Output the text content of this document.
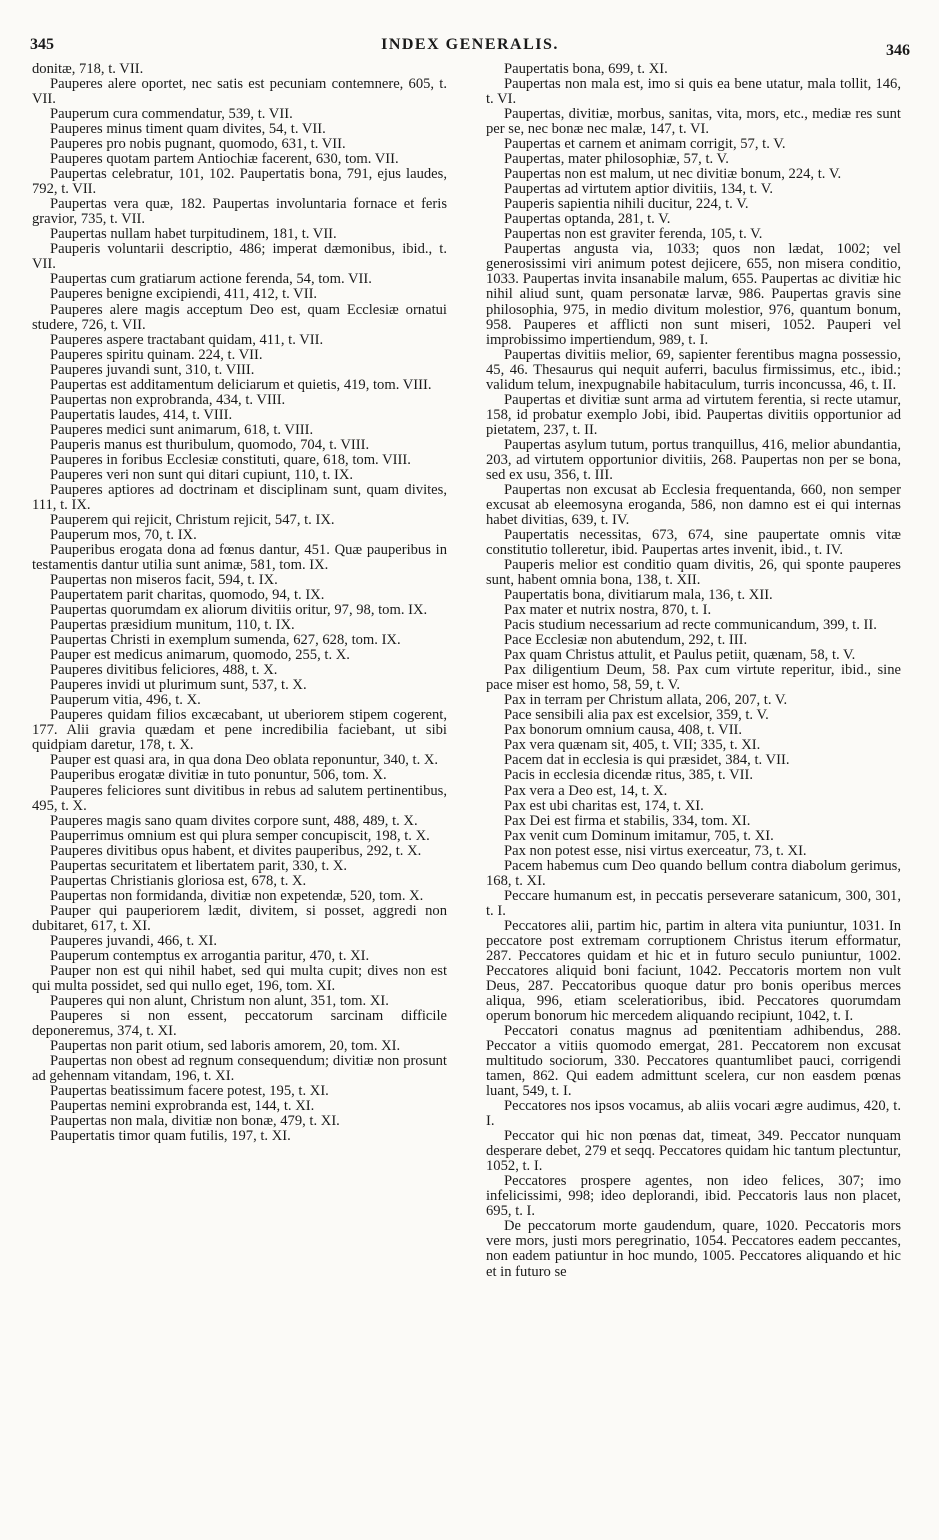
345	INDEX GENERALIS.	346

donitæ, 718, t. VII.

Pauperes alere oportet, nec satis est pecuniam contemnere, 605, t. VII.

Pauperum cura commendatur, 539, t. VII.

Pauperes minus timent quam divites, 54, t. VII.

Pauperes pro nobis pugnant, quomodo, 631, t. VII.

Pauperes quotam partem Antiochiæ facerent, 630, tom. VII.

Paupertas celebratur, 101, 102. Paupertatis bona, 791, ejus laudes, 792, t. VII.

Paupertas vera quæ, 182. Paupertas involuntaria fornace et feris gravior, 735, t. VII.

Paupertas nullam habet turpitudinem, 181, t. VII.

Pauperis voluntarii descriptio, 486; imperat dæmonibus, ibid., t. VII.

Paupertas cum gratiarum actione ferenda, 54, tom. VII.

Pauperes benigne excipiendi, 411, 412, t. VII.

Pauperes alere magis acceptum Deo est, quam Ecclesiæ ornatui studere, 726, t. VII.

Pauperes aspere tractabant quidam, 411, t. VII.

Pauperes spiritu quinam. 224, t. VII.

Pauperes juvandi sunt, 310, t. VIII.

Paupertas est additamentum deliciarum et quietis, 419, tom. VIII.

Paupertas non exprobranda, 434, t. VIII.

Paupertatis laudes, 414, t. VIII.

Pauperes medici sunt animarum, 618, t. VIII.

Pauperis manus est thuribulum, quomodo, 704, t. VIII.

Pauperes in foribus Ecclesiæ constituti, quare, 618, tom. VIII.

Pauperes veri non sunt qui ditari cupiunt, 110, t. IX.

Pauperes aptiores ad doctrinam et disciplinam sunt, quam divites, 111, t. IX.

Pauperem qui rejicit, Christum rejicit, 547, t. IX.

Pauperum mos, 70, t. IX.

Pauperibus erogata dona ad fœnus dantur, 451. Quæ pauperibus in testamentis dantur utilia sunt animæ, 581, tom. IX.

Paupertas non miseros facit, 594, t. IX.

Paupertatem parit charitas, quomodo, 94, t. IX.

Paupertas quorumdam ex aliorum divitiis oritur, 97, 98, tom. IX.

Paupertas præsidium munitum, 110, t. IX.

Paupertas Christi in exemplum sumenda, 627, 628, tom. IX.

Pauper est medicus animarum, quomodo, 255, t. X.

Pauperes divitibus feliciores, 488, t. X.

Pauperes invidi ut plurimum sunt, 537, t. X.

Pauperum vitia, 496, t. X.

Pauperes quidam filios excæcabant, ut uberiorem stipem cogerent, 177. Alii gravia quædam et pene incredibilia faciebant, ut sibi quidpiam daretur, 178, t. X.

Pauper est quasi ara, in qua dona Deo oblata reponuntur, 340, t. X.

Pauperibus erogatæ divitiæ in tuto ponuntur, 506, tom. X.

Pauperes feliciores sunt divitibus in rebus ad salutem pertinentibus, 495, t. X.

Pauperes magis sano quam divites corpore sunt, 488, 489, t. X.

Pauperrimus omnium est qui plura semper concupiscit, 198, t. X.

Pauperes divitibus opus habent, et divites pauperibus, 292, t. X.

Paupertas securitatem et libertatem parit, 330, t. X.

Paupertas Christianis gloriosa est, 678, t. X.

Paupertas non formidanda, divitiæ non expetendæ, 520, tom. X.

Pauper qui pauperiorem lædit, divitem, si posset, aggredi non dubitaret, 617, t. XI.

Pauperes juvandi, 466, t. XI.

Pauperum contemptus ex arrogantia paritur, 470, t. XI.

Pauper non est qui nihil habet, sed qui multa cupit; dives non est qui multa possidet, sed qui nullo eget, 196, tom. XI.

Pauperes qui non alunt, Christum non alunt, 351, tom. XI.

Pauperes si non essent, peccatorum sarcinam difficile deponeremus, 374, t. XI.

Paupertas non parit otium, sed laboris amorem, 20, tom. XI.

Paupertas non obest ad regnum consequendum; divitiæ non prosunt ad gehennam vitandam, 196, t. XI.

Paupertas beatissimum facere potest, 195, t. XI.

Paupertas nemini exprobranda est, 144, t. XI.

Paupertas non mala, divitiæ non bonæ, 479, t. XI.

Paupertatis timor quam futilis, 197, t. XI.

Paupertatis bona, 699, t. XI.

Paupertas non mala est, imo si quis ea bene utatur, mala tollit, 146, t. VI.

Paupertas, divitiæ, morbus, sanitas, vita, mors, etc., mediæ res sunt per se, nec bonæ nec malæ, 147, t. VI.

Paupertas et carnem et animam corrigit, 57, t. V.

Paupertas, mater philosophiæ, 57, t. V.

Paupertas non est malum, ut nec divitiæ bonum, 224, t. V.

Paupertas ad virtutem aptior divitiis, 134, t. V.

Pauperis sapientia nihili ducitur, 224, t. V.

Paupertas optanda, 281, t. V.

Paupertas non est graviter ferenda, 105, t. V.

Paupertas angusta via, 1033; quos non lædat, 1002; vel generosissimi viri animum potest dejicere, 655, non misera conditio, 1033. Paupertas invita insanabile malum, 655. Paupertas ac divitiæ hic nihil aliud sunt, quam personatæ larvæ, 986. Paupertas gravis sine philosophia, 975, in medio divitum molestior, 976, quantum bonum, 958. Pauperes et afflicti non sunt miseri, 1052. Pauperi vel improbissimo impertiendum, 989, t. I.

Paupertas divitiis melior, 69, sapienter ferentibus magna possessio, 45, 46. Thesaurus qui nequit auferri, baculus firmissimus, etc., ibid.; validum telum, inexpugnabile habitaculum, turris inconcussa, 46, t. II.

Paupertas et divitiæ sunt arma ad virtutem ferentia, si recte utamur, 158, id probatur exemplo Jobi, ibid. Paupertas divitiis opportunior ad pietatem, 237, t. II.

Paupertas asylum tutum, portus tranquillus, 416, melior abundantia, 203, ad virtutem opportunior divitiis, 268. Paupertas non per se bona, sed ex usu, 356, t. III.

Paupertas non excusat ab Ecclesia frequentanda, 660, non semper excusat ab eleemosyna eroganda, 586, non damno est ei qui internas habet divitias, 639, t. IV.

Paupertatis necessitas, 673, 674, sine paupertate omnis vitæ constitutio tolleretur, ibid. Paupertas artes invenit, ibid., t. IV.

Pauperis melior est conditio quam divitis, 26, qui sponte pauperes sunt, habent omnia bona, 138, t. XII.

Paupertatis bona, divitiarum mala, 136, t. XII.

Pax mater et nutrix nostra, 870, t. I.

Pacis studium necessarium ad recte communicandum, 399, t. II.

Pace Ecclesiæ non abutendum, 292, t. III.

Pax quam Christus attulit, et Paulus petiit, quænam, 58, t. V.

Pax diligentium Deum, 58. Pax cum virtute reperitur, ibid., sine pace miser est homo, 58, 59, t. V.

Pax in terram per Christum allata, 206, 207, t. V.

Pace sensibili alia pax est excelsior, 359, t. V.

Pax bonorum omnium causa, 408, t. VII.

Pax vera quænam sit, 405, t. VII; 335, t. XI.

Pacem dat in ecclesia is qui præsidet, 384, t. VII.

Pacis in ecclesia dicendæ ritus, 385, t. VII.

Pax vera a Deo est, 14, t. X.

Pax est ubi charitas est, 174, t. XI.

Pax Dei est firma et stabilis, 334, tom. XI.

Pax venit cum Dominum imitamur, 705, t. XI.

Pax non potest esse, nisi virtus exerceatur, 73, t. XI.

Pacem habemus cum Deo quando bellum contra diabolum gerimus, 168, t. XI.

Peccare humanum est, in peccatis perseverare satanicum, 300, 301, t. I.

Peccatores alii, partim hic, partim in altera vita puniuntur, 1031. In peccatore post extremam corruptionem Christus iterum efformatur, 287. Peccatores quidam et hic et in futuro seculo puniuntur, 1002. Peccatores aliquid boni faciunt, 1042. Peccatoris mortem non vult Deus, 287. Peccatoribus quoque datur pro bonis operibus merces aliqua, 996, etiam sceleratioribus, ibid. Peccatores quorumdam operum bonorum hic mercedem aliquando recipiunt, 1042, t. I.

Peccatori conatus magnus ad pœnitentiam adhibendus, 288. Peccator a vitiis quomodo emergat, 281. Peccatorem non excusat multitudo sociorum, 330. Peccatores quantumlibet pauci, corrigendi tamen, 862. Qui eadem admittunt scelera, cur non easdem pœnas luant, 549, t. I.

Peccatores nos ipsos vocamus, ab aliis vocari ægre audimus, 420, t. I.

Peccator qui hic non pœnas dat, timeat, 349. Peccator nunquam desperare debet, 279 et seqq. Peccatores quidam hic tantum plectuntur, 1052, t. I.

Peccatores prospere agentes, non ideo felices, 307; imo infelicissimi, 998; ideo deplorandi, ibid. Peccatoris laus non placet, 695, t. I.

De peccatorum morte gaudendum, quare, 1020. Peccatoris mors vere mors, justi mors peregrinatio, 1054. Peccatores eadem peccantes, non eadem patiuntur in hoc mundo, 1005. Peccatores aliquando et hic et in futuro se
